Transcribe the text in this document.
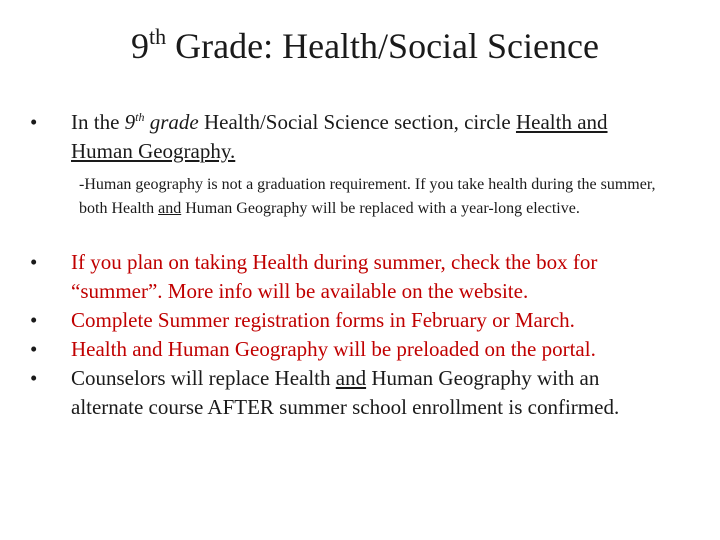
9th Grade: Health/Social Science
•	In the 9th grade Health/Social Science section, circle Health and Human Geography.
-Human geography is not a graduation requirement. If you take health during the summer, both Health and Human Geography will be replaced with a year-long elective.
•	If you plan on taking Health during summer, check the box for “summer”. More info will be available on the website.
•	Complete Summer registration forms in February or March.
•	Health and Human Geography will be preloaded on the portal.
•	Counselors will replace Health and Human Geography with an alternate course AFTER summer school enrollment is confirmed.
